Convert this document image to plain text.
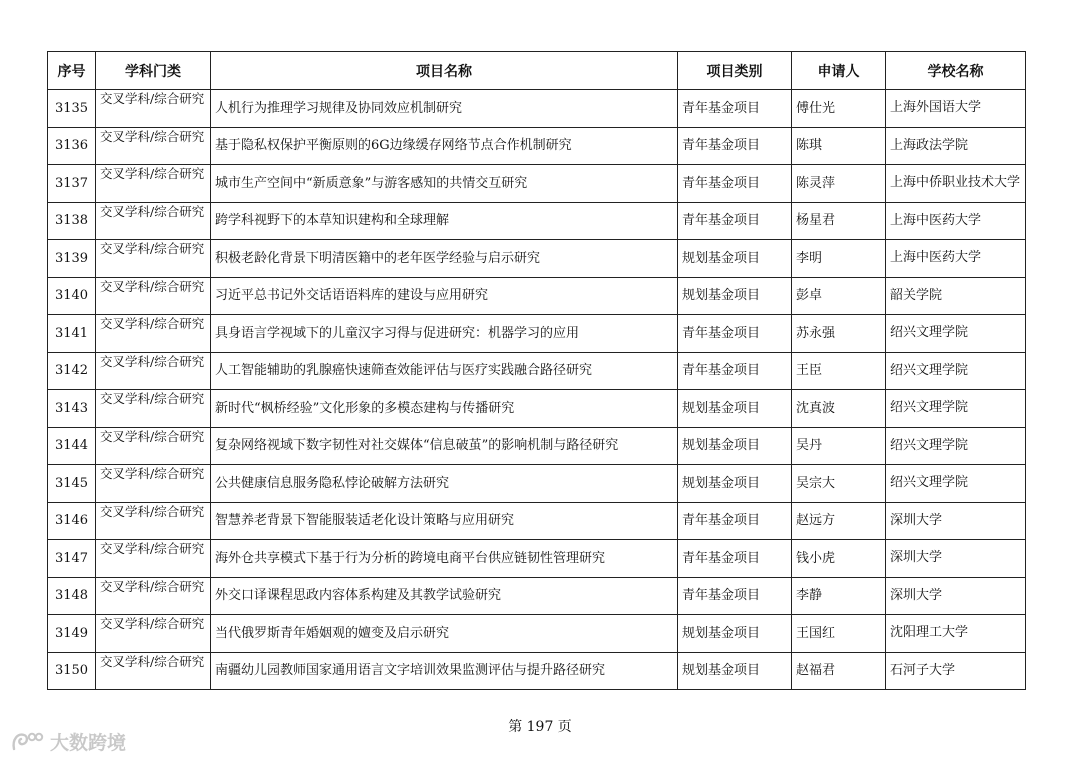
序号	学科门类	项目名称	项目类别	申请人	学校名称
3135	交叉学科/综合研究	人机行为推理学习规律及协同效应机制研究	青年基金项目	傅仕光	上海外国语大学
3136	交叉学科/综合研究	基于隐私权保护平衡原则的6G边缘缓存网络节点合作机制研究	青年基金项目	陈琪	上海政法学院
3137	交叉学科/综合研究	城市生产空间中“新质意象”与游客感知的共情交互研究	青年基金项目	陈灵萍	上海中侨职业技术大学
3138	交叉学科/综合研究	跨学科视野下的本草知识建构和全球理解	青年基金项目	杨星君	上海中医药大学
3139	交叉学科/综合研究	积极老龄化背景下明清医籍中的老年医学经验与启示研究	规划基金项目	李明	上海中医药大学
3140	交叉学科/综合研究	习近平总书记外交话语语料库的建设与应用研究	规划基金项目	彭卓	韶关学院
3141	交叉学科/综合研究	具身语言学视域下的儿童汉字习得与促进研究：机器学习的应用	青年基金项目	苏永强	绍兴文理学院
3142	交叉学科/综合研究	人工智能辅助的乳腺癌快速筛查效能评估与医疗实践融合路径研究	青年基金项目	王臣	绍兴文理学院
3143	交叉学科/综合研究	新时代“枫桥经验”文化形象的多模态建构与传播研究	规划基金项目	沈真波	绍兴文理学院
3144	交叉学科/综合研究	复杂网络视域下数字韧性对社交媒体“信息破茧”的影响机制与路径研究	规划基金项目	吴丹	绍兴文理学院
3145	交叉学科/综合研究	公共健康信息服务隐私悖论破解方法研究	规划基金项目	吴宗大	绍兴文理学院
3146	交叉学科/综合研究	智慧养老背景下智能服装适老化设计策略与应用研究	青年基金项目	赵远方	深圳大学
3147	交叉学科/综合研究	海外仓共享模式下基于行为分析的跨境电商平台供应链韧性管理研究	青年基金项目	钱小虎	深圳大学
3148	交叉学科/综合研究	外交口译课程思政内容体系构建及其教学试验研究	青年基金项目	李静	深圳大学
3149	交叉学科/综合研究	当代俄罗斯青年婚姻观的嬗变及启示研究	规划基金项目	王国红	沈阳理工大学
3150	交叉学科/综合研究	南疆幼儿园教师国家通用语言文字培训效果监测评估与提升路径研究	规划基金项目	赵福君	石河子大学
第 197 页
大数跨境
